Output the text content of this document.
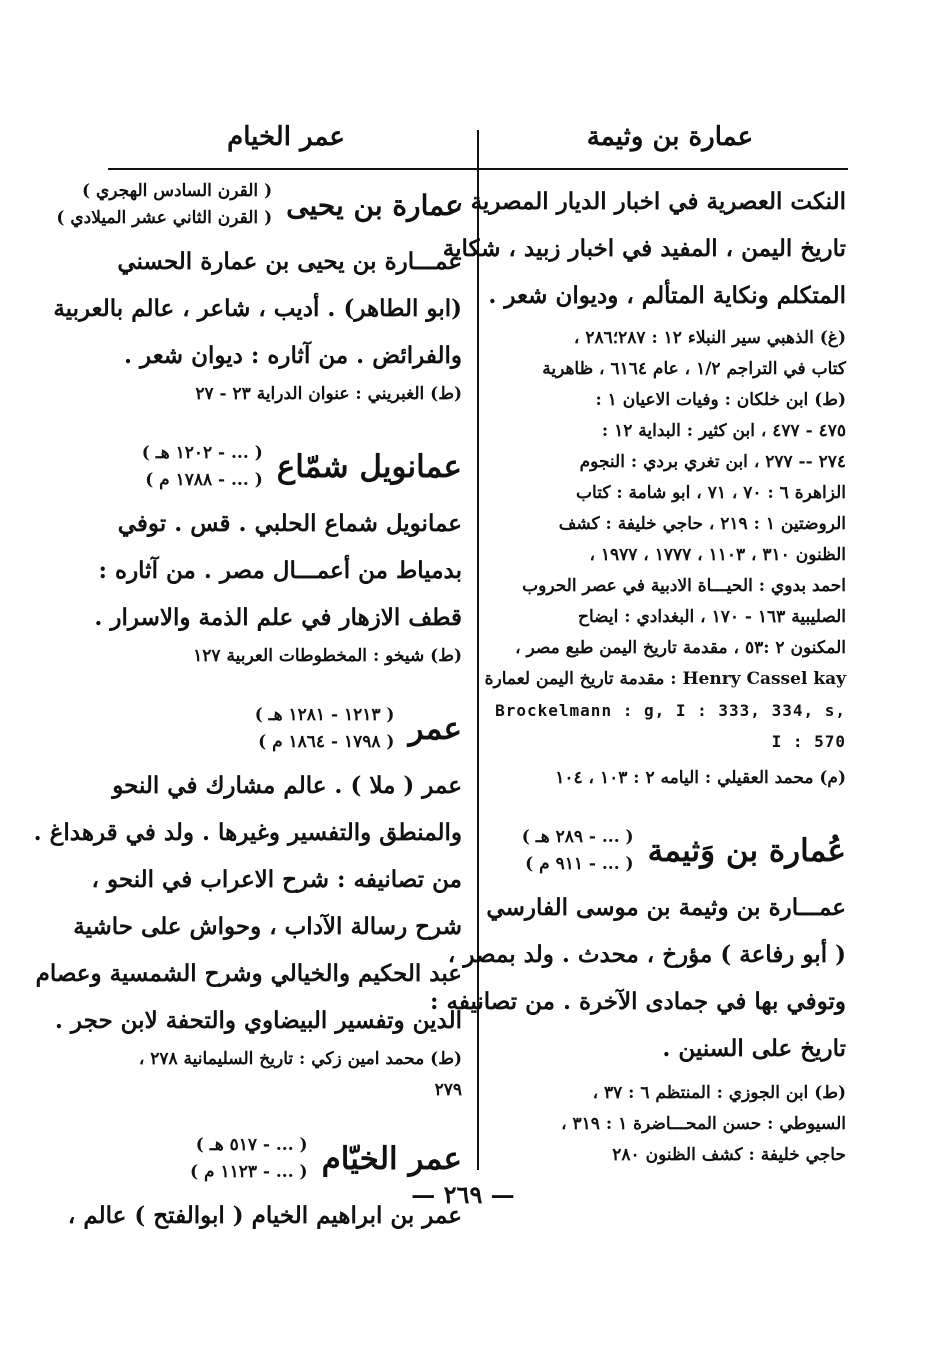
عمارة بن وثيمة
عمر الخيام
النكت العصرية في اخبار الديار المصرية ،
تاريخ اليمن ، المفيد في اخبار زبيد ، شكاية
المتكلم ونكاية المتألم ، وديوان شعر .
(غ) الذهبي سير النبلاء ١٢ : ٢٨٧؛٢٨٦ ،
كتاب في التراجم ١/٢ ، عام ٦١٦٤ ، ظاهرية
(ط) ابن خلكان : وفيات الاعيان ١ :
٤٧٥ - ٤٧٧ ، ابن كثير : البداية ١٢ :
٢٧٤ -- ٢٧٧ ، ابن تغري بردي : النجوم
الزاهرة ٦ : ٧٠ ، ٧١ ، ابو شامة : كتاب
الروضتين ١ : ٢١٩ ، حاجي خليفة : كشف
الظنون ٣١٠ ، ١١٠٣ ، ١٧٧٧ ، ١٩٧٧ ،
احمد بدوي : الحيـــاة الادبية في عصر الحروب
الصليبية ١٦٣ - ١٧٠ ، البغدادي : ايضاح
المكنون ٢ :٥٣ ، مقدمة تاريخ اليمن طبع مصر ،
Henry Cassel kay : مقدمة تاريخ اليمن لعمارة
Brockelmann : g, I : 333, 334, s, I : 570
(م) محمد العقيلي : اليامه ٢ : ١٠٣ ، ١٠٤
عُمارة بن وَثيمة
( ... - ٢٨٩ هـ )
( ... - ٩١١ م )
عمـــارة بن وثيمة بن موسى الفارسي
( أبو رفاعة ) مؤرخ ، محدث . ولد بمصر ،
وتوفي بها في جمادى الآخرة . من تصانيفه :
تاريخ على السنين .
(ط) ابن الجوزي : المنتظم ٦ : ٣٧ ،
السيوطي : حسن المحـــاضرة ١ : ٣١٩ ،
حاجي خليفة : كشف الظنون ٢٨٠
عمارة بن يحيى
( القرن السادس الهجري )
( القرن الثاني عشر الميلادي )
عمـــارة بن يحيى بن عمارة الحسني
(ابو الطاهر) . أديب ، شاعر ، عالم بالعربية
والفرائض . من آثاره : ديوان شعر .
(ط) الغبريني : عنوان الدراية ٢٣ - ٢٧
عمانويل شمّاع
( ... - ١٢٠٢ هـ )
( ... - ١٧٨٨ م )
عمانويل شماع الحلبي . قس . توفي
بدمياط من أعمـــال مصر . من آثاره :
قطف الازهار في علم الذمة والاسرار .
(ط) شيخو : المخطوطات العربية ١٢٧
عمر
( ١٢١٣ - ١٢٨١ هـ )
( ١٧٩٨ - ١٨٦٤ م )
عمر ( ملا ) . عالم مشارك في النحو
والمنطق والتفسير وغيرها . ولد في قرهداغ .
من تصانيفه : شرح الاعراب في النحو ،
شرح رسالة الآداب ، وحواش على حاشية
عبد الحكيم والخيالي وشرح الشمسية وعصام
الدين وتفسير البيضاوي والتحفة لابن حجر .
(ط) محمد امين زكي : تاريخ السليمانية ٢٧٨ ،
٢٧٩
عمر الخيّام
( ... - ٥١٧ هـ )
( ... - ١١٢٣ م )
عمر بن ابراهيم الخيام ( ابوالفتح ) عالم ،
— ٢٦٩ —
